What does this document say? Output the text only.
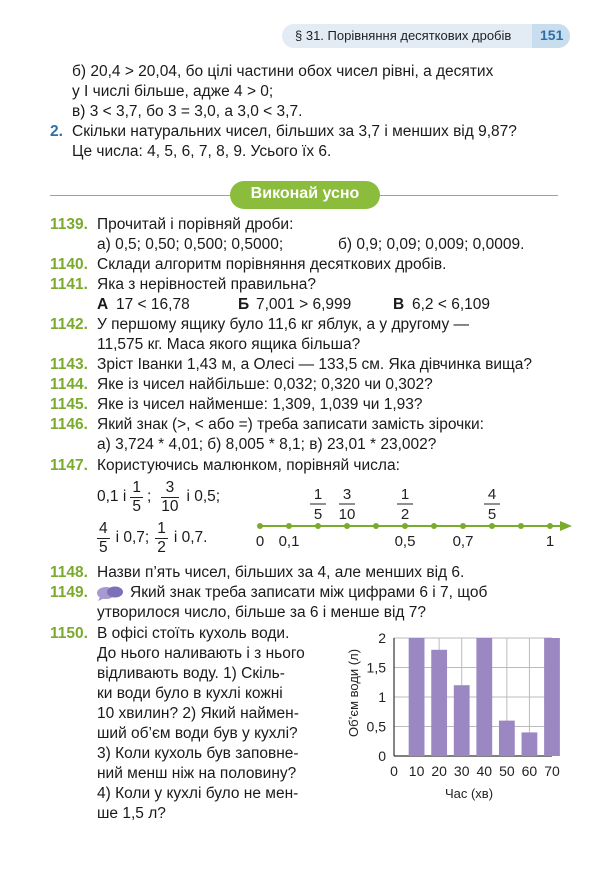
§ 31. Порівняння десяткових дробів 151
б) 20,4 > 20,04, бо цілі частини обох чисел рівні, а десятих
у І числі більше, адже 4 > 0;
в) 3 < 3,7, бо 3 = 3,0, а 3,0 < 3,7.
2. Скільки натуральних чисел, більших за 3,7 і менших від 9,87?
Це числа: 4, 5, 6, 7, 8, 9. Усього їх 6.
Виконай усно
1139. Прочитай і порівняй дроби:
а) 0,5; 0,50; 0,500; 0,5000;	б) 0,9; 0,09; 0,009; 0,0009.
1140. Склади алгоритм порівняння десяткових дробів.
1141. Яка з нерівностей правильна?
А 17 < 16,78	Б 7,001 > 6,999	В 6,2 < 6,109
1142. У першому ящику було 11,6 кг яблук, а у другому —
11,575 кг. Маса якого ящика більша?
1143. Зріст Іванки 1,43 м, а Олесі — 133,5 см. Яка дівчинка вища?
1144. Яке із чисел найбільше: 0,032; 0,320 чи 0,302?
1145. Яке із чисел найменше: 1,309, 1,039 чи 1,93?
1146. Який знак (>, < або =) треба записати замість зірочки:
а) 3,724 * 4,01; б) 8,005 * 8,1; в) 23,01 * 23,002?
1147. Користуючись малюнком, порівняй числа:
0,1 і $\frac{1}{5}$ ; $\frac{3}{10}$ і 0,5;
$\frac{4}{5}$ і 0,7; $\frac{1}{2}$ і 0,7.
1
5
3
10
1
2
4
5
0 0,1	0,5 0,7	1
1148. Назви п’ять чисел, більших за 4, але менших від 6.
1149.	Який знак треба записати між цифрами 6 і 7, щоб
утворилося число, більше за 6 і менше від 7?
1150. В офісі стоїть кухоль води.
До нього наливають і з нього
відливають воду. 1) Скіль-
ки води було в кухлі кожні
10 хвилин? 2) Який наймен-
ший об’єм води був у кухлі?
3) Коли кухоль був заповне-
ний менш ніж на половину?
4) Коли у кухлі було не мен-
ше 1,5 л?
0
0,5
1
1,5
2
0 10 20 30 40 50 60 70
Об’єм води (л)
Час (хв)
